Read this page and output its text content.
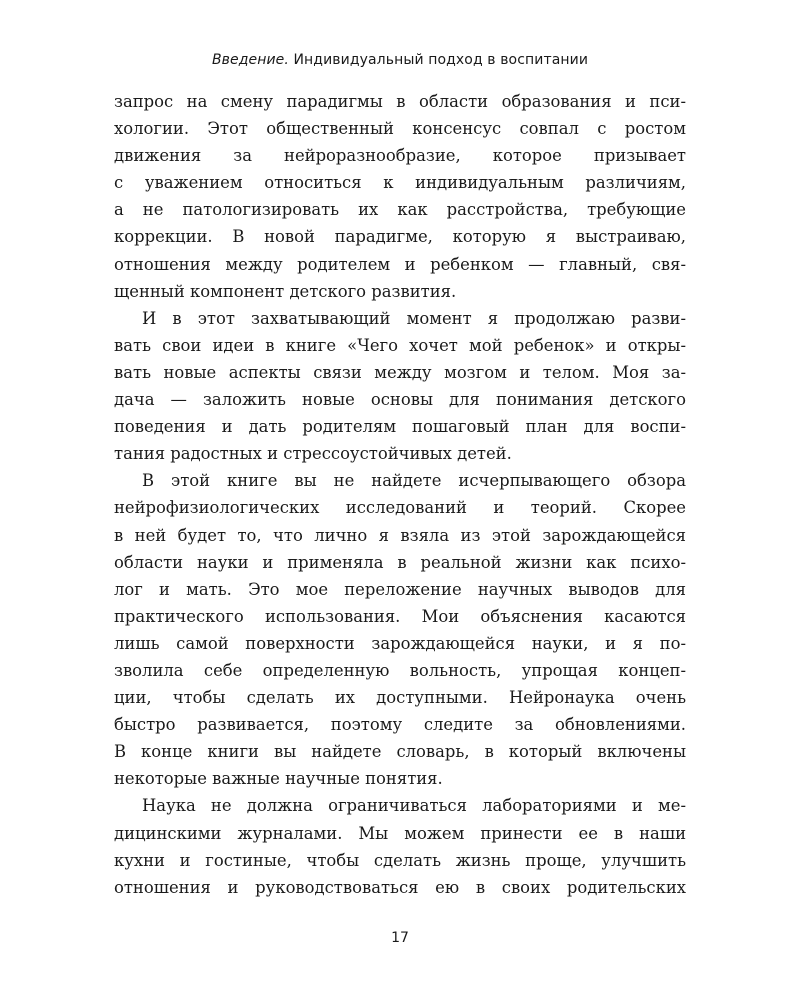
Введение. Индивидуальный подход в воспитании

запрос на смену парадигмы в области образования и пси-
хологии. Этот общественный консенсус совпал с ростом
движения за нейроразнообразие, которое призывает
с уважением относиться к индивидуальным различиям,
а не патологизировать их как расстройства, требующие
коррекции. В новой парадигме, которую я выстраиваю,
отношения между родителем и ребенком — главный, свя-
щенный компонент детского развития.

И в этот захватывающий момент я продолжаю разви-
вать свои идеи в книге «Чего хочет мой ребенок» и откры-
вать новые аспекты связи между мозгом и телом. Моя за-
дача — заложить новые основы для понимания детского
поведения и дать родителям пошаговый план для воспи-
тания радостных и стрессоустойчивых детей.

В этой книге вы не найдете исчерпывающего обзора
нейрофизиологических исследований и теорий. Скорее
в ней будет то, что лично я взяла из этой зарождающейся
области науки и применяла в реальной жизни как психо-
лог и мать. Это мое переложение научных выводов для
практического использования. Мои объяснения касаются
лишь самой поверхности зарождающейся науки, и я по-
зволила себе определенную вольность, упрощая концеп-
ции, чтобы сделать их доступными. Нейронаука очень
быстро развивается, поэтому следите за обновлениями.
В конце книги вы найдете словарь, в который включены
некоторые важные научные понятия.

Наука не должна ограничиваться лабораториями и ме-
дицинскими журналами. Мы можем принести ее в наши
кухни и гостиные, чтобы сделать жизнь проще, улучшить
отношения и руководствоваться ею в своих родительских

17
